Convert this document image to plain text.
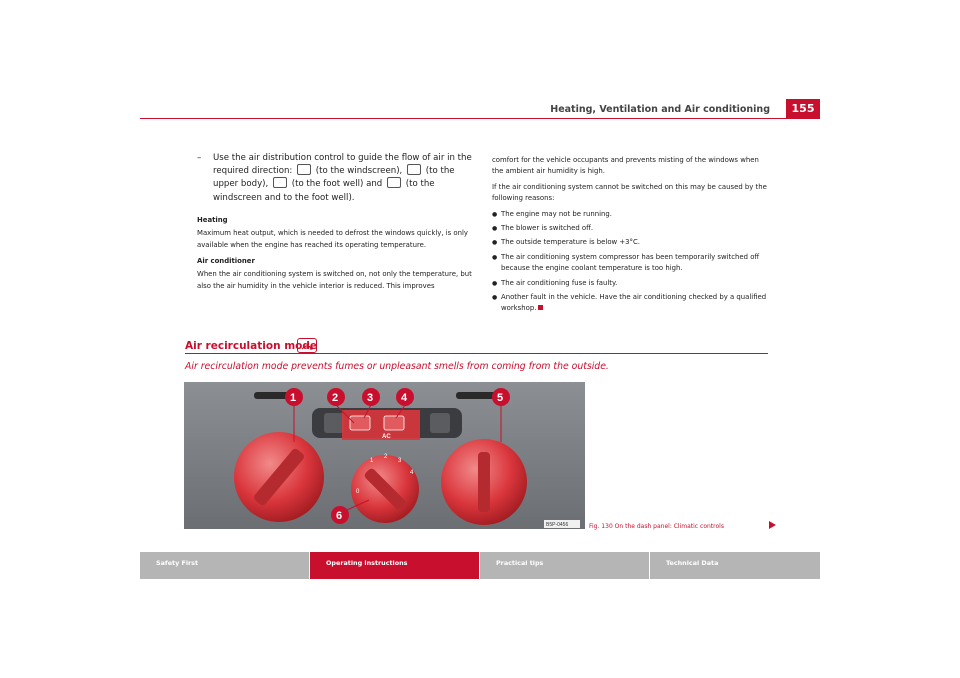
Heating, Ventilation and Air conditioning	155
– Use the air distribution control to guide the flow of air in the required direction:	(to the windscreen),	(to the upper body),	(to the foot well) and	(to the windscreen and to the foot well).
Heating
Maximum heat output, which is needed to defrost the windows quickly, is only available when the engine has reached its operating temperature.
Air conditioner
When the air conditioning system is switched on, not only the temperature, but also the air humidity in the vehicle interior is reduced. This improves
comfort for the vehicle occupants and prevents misting of the windows when the ambient air humidity is high.
If the air conditioning system cannot be switched on this may be caused by the following reasons:
● The engine may not be running.
● The blower is switched off.
● The outside temperature is below +3°C.
● The air conditioning system compressor has been temporarily switched off because the engine coolant temperature is too high.
● The air conditioning fuse is faulty.
● Another fault in the vehicle. Have the air conditioning checked by a qualified workshop.
Air recirculation mode
Air recirculation mode prevents fumes or unpleasant smells from coming from the outside.
AC
0
1
2
3
4
1	2	3	4	5
6
B5P-0456	Fig. 130 On the dash panel: Climatic controls
Safety First	Operating instructions	Practical tips	Technical Data
